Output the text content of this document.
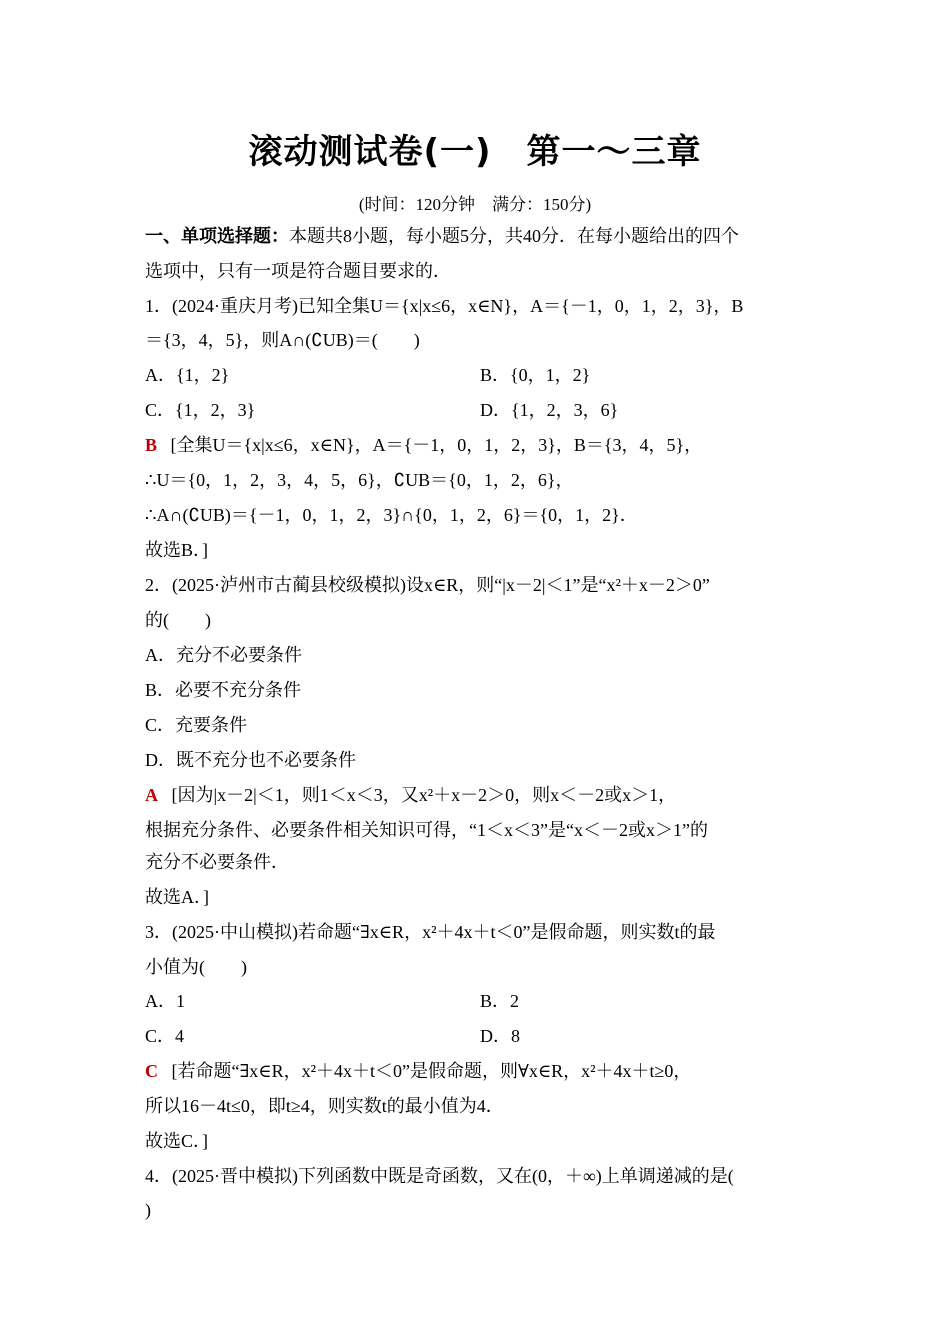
滚动测试卷(一)　第一～三章
(时间：120分钟　满分：150分)
一、单项选择题：本题共8小题，每小题5分，共40分．在每小题给出的四个
选项中，只有一项是符合题目要求的．
1．(2024·重庆月考)已知全集U＝{x|x≤6，x∈N}，A＝{－1，0，1，2，3}，B
＝{3，4，5}，则A∩(∁UB)＝(　　)
A．{1，2}	B．{0，1，2}
C．{1，2，3}	D．{1，2，3，6}
B [全集U＝{x|x≤6，x∈N}，A＝{－1，0，1，2，3}，B＝{3，4，5}，
∴U＝{0，1，2，3，4，5，6}，∁UB＝{0，1，2，6}，
∴A∩(∁UB)＝{－1，0，1，2，3}∩{0，1，2，6}＝{0，1，2}．
故选B．]
2．(2025·泸州市古蔺县校级模拟)设x∈R，则“|x－2|＜1”是“x²＋x－2＞0”
的(　　)
A．充分不必要条件
B．必要不充分条件
C．充要条件
D．既不充分也不必要条件
A [因为|x－2|＜1，则1＜x＜3，又x²＋x－2＞0，则x＜－2或x＞1，
根据充分条件、必要条件相关知识可得，“1＜x＜3”是“x＜－2或x＞1”的
充分不必要条件．
故选A．]
3．(2025·中山模拟)若命题“∃x∈R，x²＋4x＋t＜0”是假命题，则实数t的最
小值为(　　)
A．1	B．2
C．4	D．8
C [若命题“∃x∈R，x²＋4x＋t＜0”是假命题，则∀x∈R，x²＋4x＋t≥0，
所以16－4t≤0，即t≥4，则实数t的最小值为4．
故选C．]
4．(2025·晋中模拟)下列函数中既是奇函数，又在(0，＋∞)上单调递减的是(
)
